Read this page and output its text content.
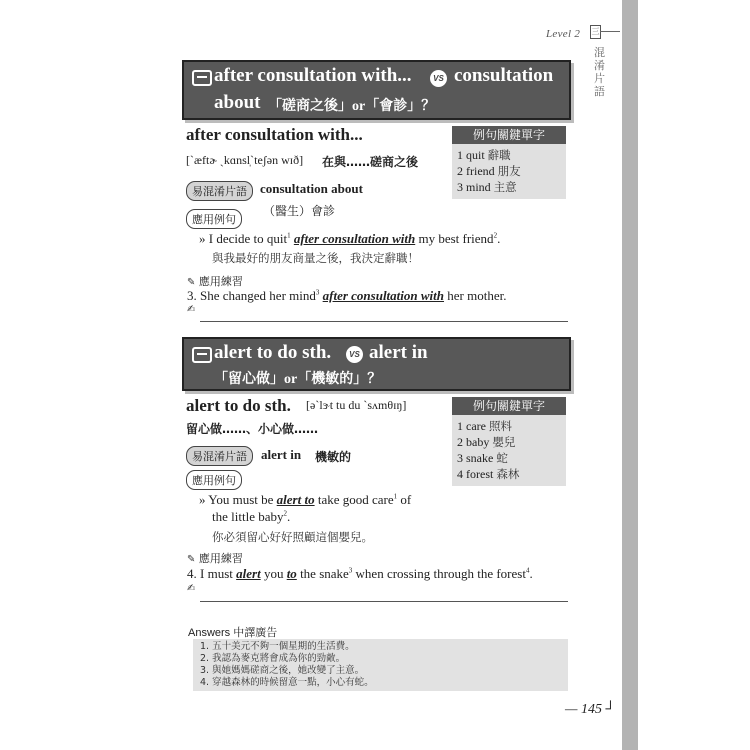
Level 2 三
混
淆
片
語
after consultation with...	VS consultation
about 「磋商之後」or「會診」？
after consultation with...
[ˋæftɚ ˏkɑnsl̩ˋteʃən wɪð] 在與……磋商之後
例句關鍵單字
1 quit 辭職
2 friend 朋友
3 mind 主意
易混淆片語	consultation about
（醫生）會診
應用例句
» I decide to quit$^1$ after consultation with my best friend$^2$.
與我最好的朋友商量之後，我決定辭職！
✎ 應用練習
3. She changed her mind$^3$ after consultation with her mother.
✍
alert to do sth.	VS alert in
「留心做」or「機敏的」？
alert to do sth. [əˋlɝt tu du ˋsʌmθɪŋ]
留心做……、小心做……
例句關鍵單字
1 care 照料
2 baby 嬰兒
3 snake 蛇
4 forest 森林
易混淆片語	alert in 機敏的
應用例句
» You must be alert to take good care$^1$ of
the little baby$^2$.
你必須留心好好照顧這個嬰兒。
✎ 應用練習
4. I must alert you to the snake$^3$ when crossing through the forest$^4$.
✍
Answers 中譯廣告
1. 五十美元不夠一個星期的生活費。
2. 我認為麥克將會成為你的勁敵。
3. 與她媽媽磋商之後，她改變了主意。
4. 穿越森林的時候留意一點，小心有蛇。
— 145 ┘
